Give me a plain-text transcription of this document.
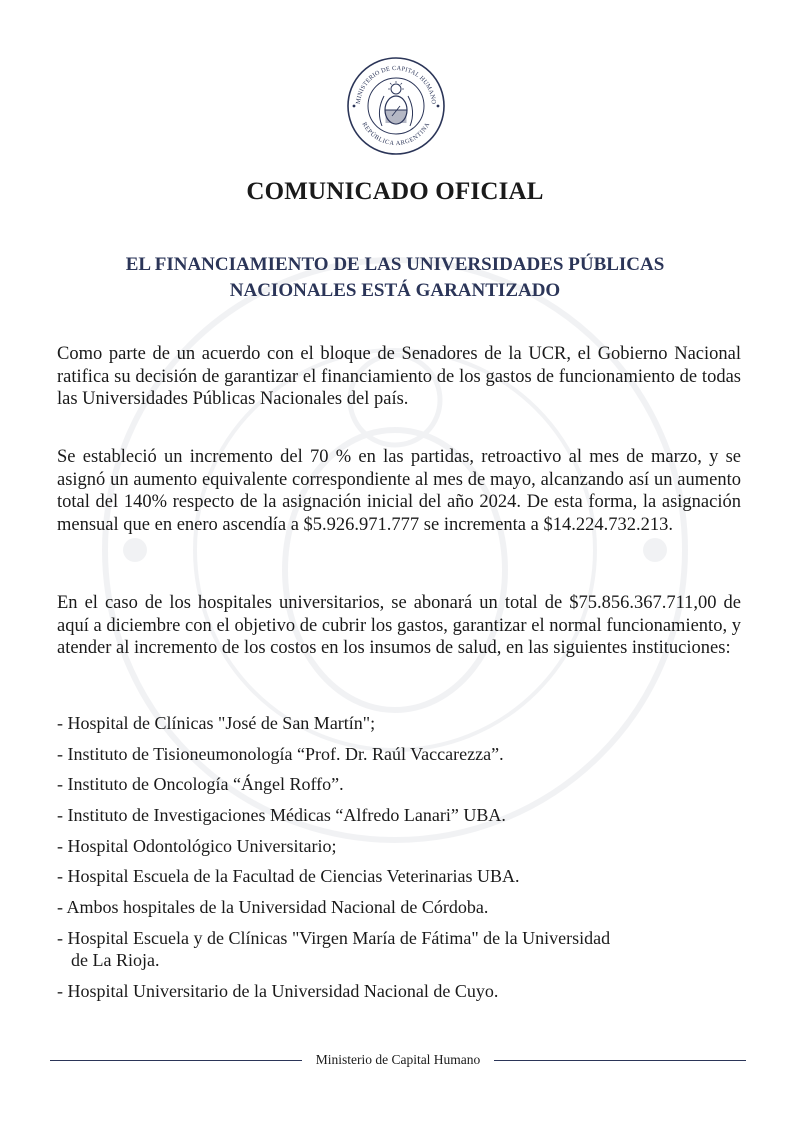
MINISTERIO DE CAPITAL HUMANO
REPÚBLICA ARGENTINA
COMUNICADO OFICIAL
EL FINANCIAMIENTO DE LAS UNIVERSIDADES PÚBLICAS
NACIONALES ESTÁ GARANTIZADO

Como parte de un acuerdo con el bloque de Senadores de la UCR, el Gobierno Nacional ratifica su decisión de garantizar el financiamiento de los gastos de funcionamiento de todas las Universidades Públicas Nacionales del país.

Se estableció un incremento del 70 % en las partidas, retroactivo al mes de marzo, y se asignó un aumento equivalente correspondiente al mes de mayo, alcanzando así un aumento total del 140% respecto de la asignación inicial del año 2024. De esta forma, la asignación mensual que en enero ascendía a $5.926.971.777 se incrementa a $14.224.732.213.

En el caso de los hospitales universitarios, se abonará un total de $75.856.367.711,00 de aquí a diciembre con el objetivo de cubrir los gastos, garantizar el normal funcionamiento, y atender al incremento de los costos en los insumos de salud, en las siguientes instituciones:

- Hospital de Clínicas "José de San Martín";
- Instituto de Tisioneumonología “Prof. Dr. Raúl Vaccarezza”.
- Instituto de Oncología “Ángel Roffo”.
- Instituto de Investigaciones Médicas “Alfredo Lanari” UBA.
- Hospital Odontológico Universitario;
- Hospital Escuela de la Facultad de Ciencias Veterinarias UBA.
- Ambos hospitales de la Universidad Nacional de Córdoba.
- Hospital Escuela y de Clínicas "Virgen María de Fátima" de la Universidad
de La Rioja.
- Hospital Universitario de la Universidad Nacional de Cuyo.
Ministerio de Capital Humano
